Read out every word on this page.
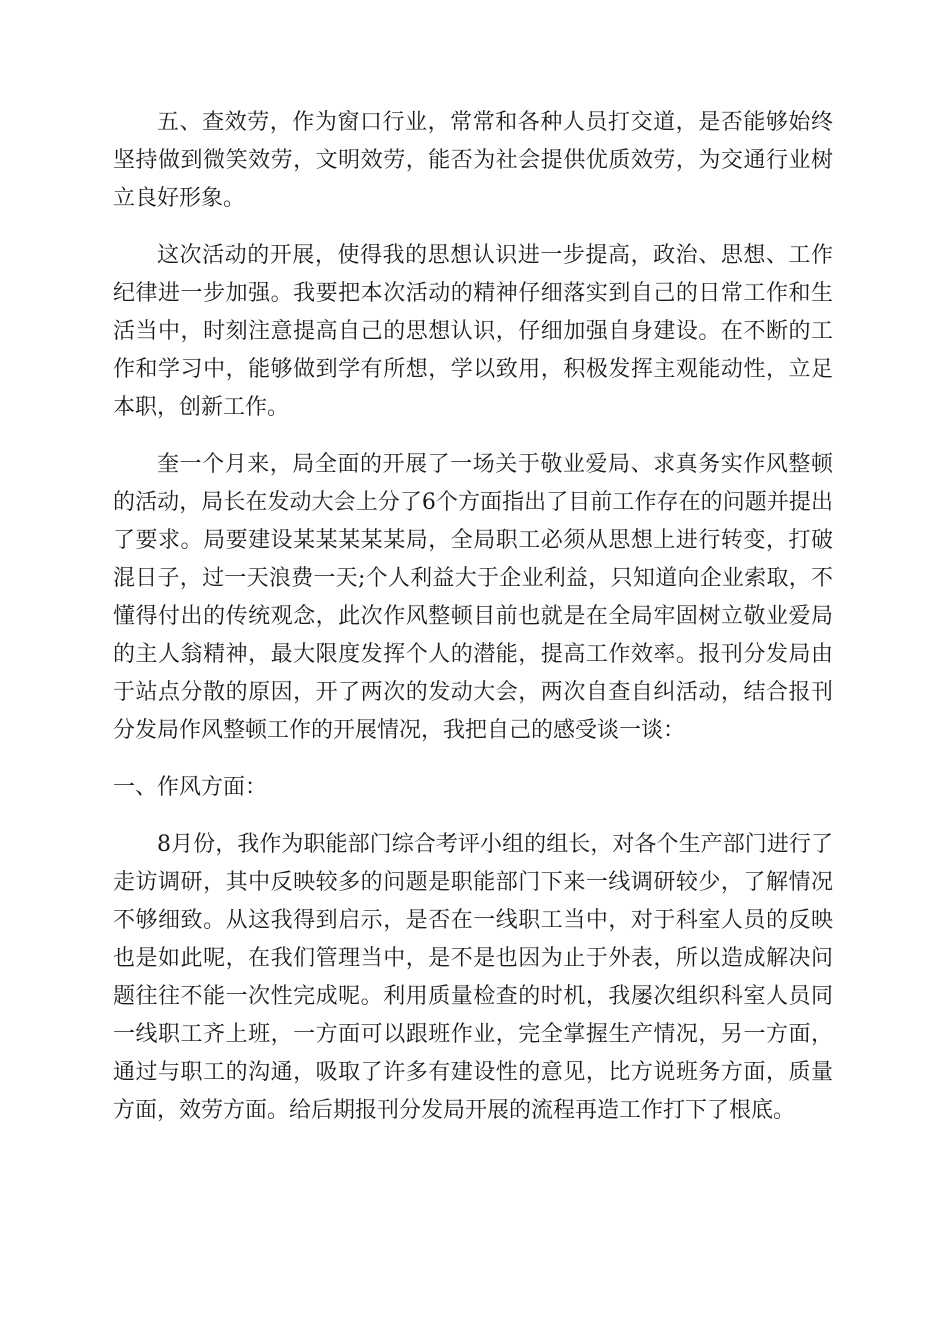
五、查效劳，作为窗口行业，常常和各种人员打交道，是否能够始终坚持做到微笑效劳，文明效劳，能否为社会提供优质效劳，为交通行业树立良好形象。

这次活动的开展，使得我的思想认识进一步提高，政治、思想、工作纪律进一步加强。我要把本次活动的精神仔细落实到自己的日常工作和生活当中，时刻注意提高自己的思想认识，仔细加强自身建设。在不断的工作和学习中，能够做到学有所想，学以致用，积极发挥主观能动性，立足本职，创新工作。

奎一个月来，局全面的开展了一场关于敬业爱局、求真务实作风整顿的活动，局长在发动大会上分了6个方面指出了目前工作存在的问题并提出了要求。局要建设某某某某某局，全局职工必须从思想上进行转变，打破混日子，过一天浪费一天;个人利益大于企业利益，只知道向企业索取，不懂得付出的传统观念，此次作风整顿目前也就是在全局牢固树立敬业爱局的主人翁精神，最大限度发挥个人的潜能，提高工作效率。报刊分发局由于站点分散的原因，开了两次的发动大会，两次自查自纠活动，结合报刊分发局作风整顿工作的开展情况，我把自己的感受谈一谈：

一、作风方面：

8月份，我作为职能部门综合考评小组的组长，对各个生产部门进行了走访调研，其中反映较多的问题是职能部门下来一线调研较少，了解情况不够细致。从这我得到启示，是否在一线职工当中，对于科室人员的反映也是如此呢，在我们管理当中，是不是也因为止于外表，所以造成解决问题往往不能一次性完成呢。利用质量检查的时机，我屡次组织科室人员同一线职工齐上班，一方面可以跟班作业，完全掌握生产情况，另一方面，通过与职工的沟通，吸取了许多有建设性的意见，比方说班务方面，质量方面，效劳方面。给后期报刊分发局开展的流程再造工作打下了根底。
